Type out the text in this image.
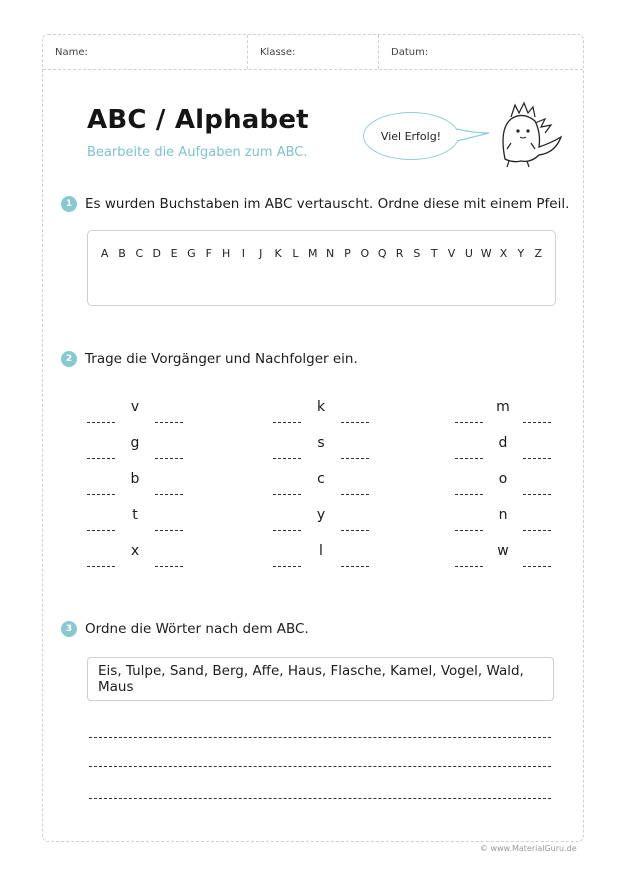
Name:	Klasse:	Datum:
ABC / Alphabet
Bearbeite die Aufgaben zum ABC.
Viel Erfolg!
1 Es wurden Buchstaben im ABC vertauscht. Ordne diese mit einem Pfeil.
A B C D E G F H	I	J	K L M N P O Q R S T V U W X Y Z
2 Trage die Vorgänger und Nachfolger ein.
v
g
b
t
x
k
s
c
y
l
m
d
o
n
w
3 Ordne die Wörter nach dem ABC.
Eis, Tulpe, Sand, Berg, Affe, Haus, Flasche, Kamel, Vogel, Wald, Maus
© www.MaterialGuru.de
